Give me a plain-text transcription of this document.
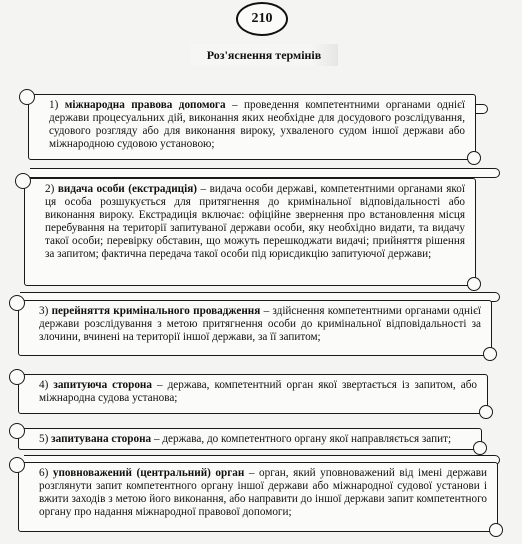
210
Роз'яснення термінів
1) міжнародна правова допомога – проведення компетентними органами однієї держави процесуальних дій, виконання яких необхідне для досудового розслідування, судового розгляду або для виконання вироку, ухваленого судом іншої держави або міжнародною судовою установою;
2) видача особи (екстрадиція) – видача особи державі, компетентними органами якої ця особа розшукується для притягнення до кримінальної відповідальності або виконання вироку. Екстрадиція включає: офіційне звернення про встановлення місця перебування на території запитуваної держави особи, яку необхідно видати, та видачу такої особи; перевірку обставин, що можуть перешкоджати видачі; прийняття рішення за запитом; фактична передача такої особи під юрисдикцію запитуючої держави;
3) перейняття кримінального провадження – здійснення компетентними органами однієї держави розслідування з метою притягнення особи до кримінальної відповідальності за злочини, вчинені на території іншої держави, за її запитом;
4) запитуюча сторона – держава, компетентний орган якої звертається із запитом, або міжнародна судова установа;
5) запитувана сторона – держава, до компетентного органу якої направляється запит;
6) уповноважений (центральний) орган – орган, який уповноважений від імені держави розглянути запит компетентного органу іншої держави або міжнародної судової установи і вжити заходів з метою його виконання, або направити до іншої держави запит компетентного органу про надання міжнародної правової допомоги;
